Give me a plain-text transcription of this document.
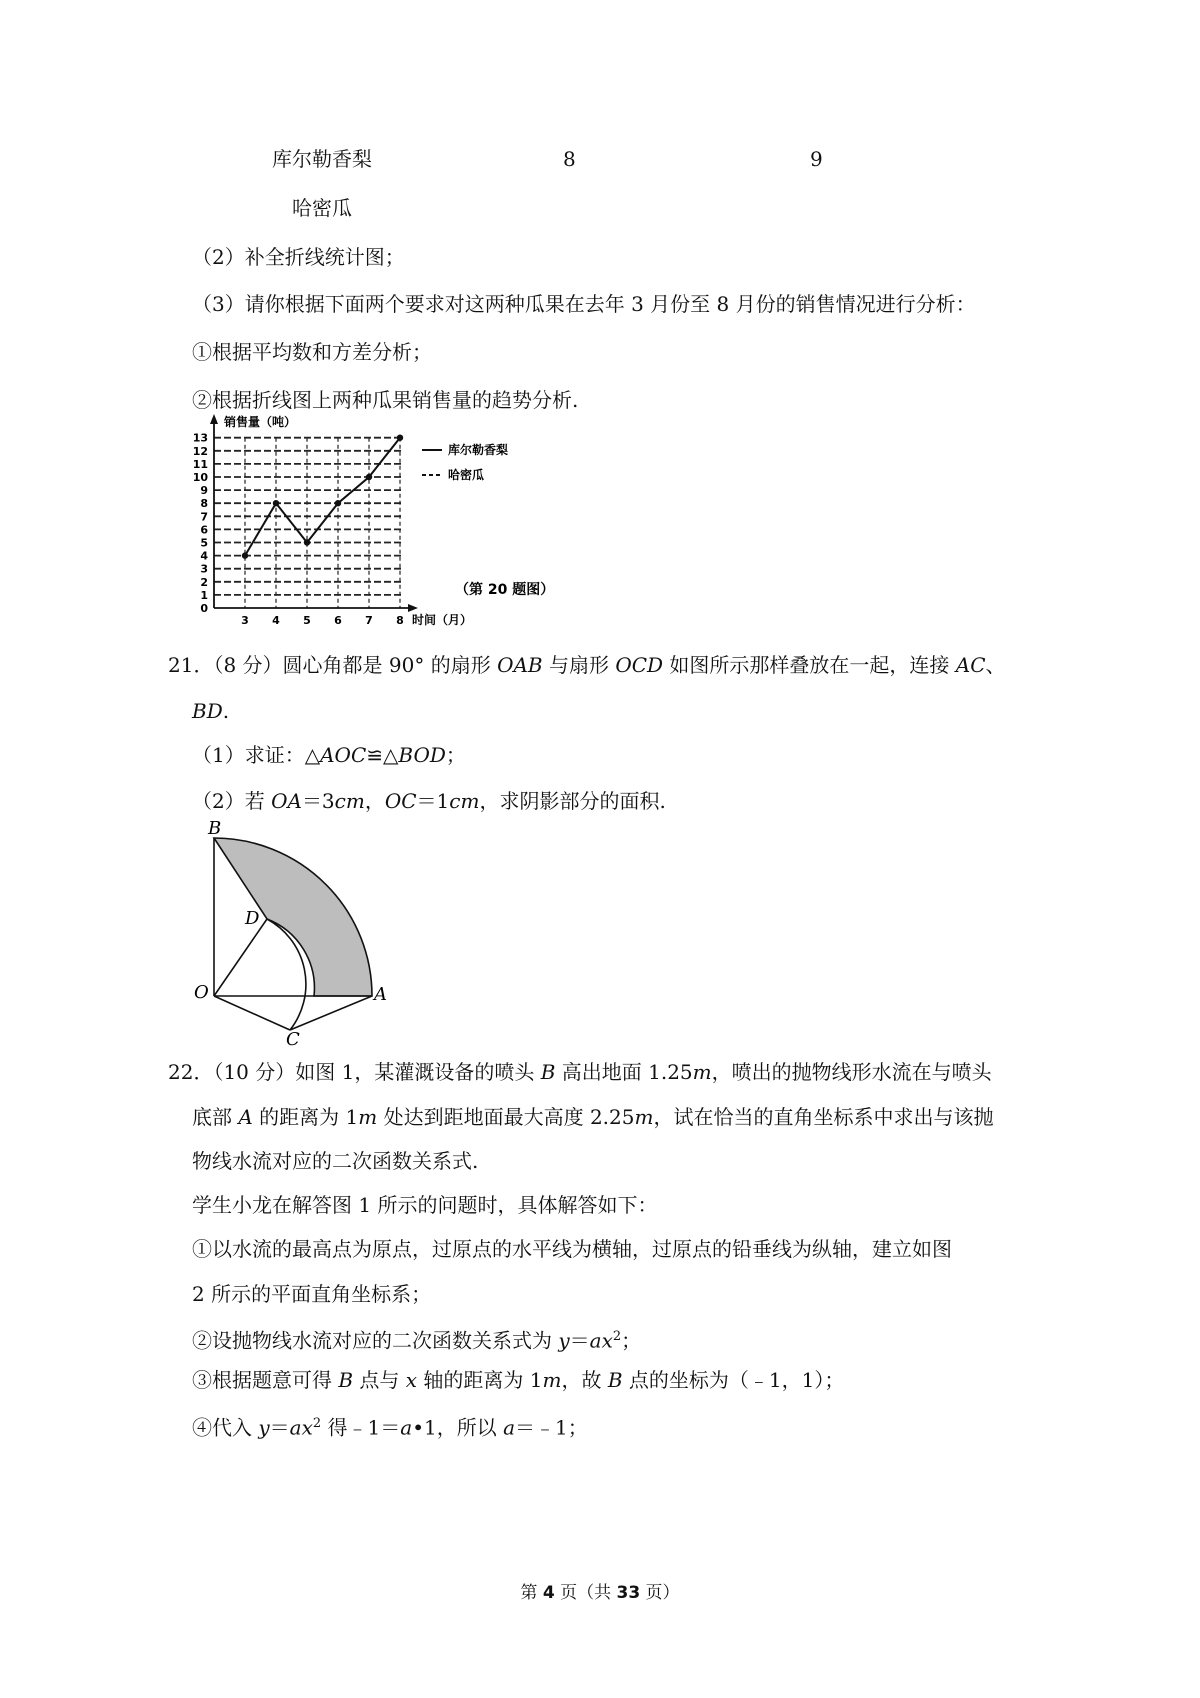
库尔勒香梨	8	9
哈密瓜
（2）补全折线统计图；
（3）请你根据下面两个要求对这两种瓜果在去年 3 月份至 8 月份的销售情况进行分析：
①根据平均数和方差分析；
②根据折线图上两种瓜果销售量的趋势分析.
0
1
2
3
4
5
6
7
8
9
10
11
12
13
3 4 5 6 7 8
销售量（吨）
时间（月）
库尔勒香梨
哈密瓜
（第 20 题图）
21．（8 分）圆心角都是 90° 的扇形 OAB 与扇形 OCD 如图所示那样叠放在一起，连接 AC、
BD.
（1）求证：△AOC≌△BOD；
（2）若 OA＝3cm，OC＝1cm，求阴影部分的面积.
B
D
O	A
C
22．（10 分）如图 1，某灌溉设备的喷头 B 高出地面 1.25m，喷出的抛物线形水流在与喷头
底部 A 的距离为 1m 处达到距地面最大高度 2.25m，试在恰当的直角坐标系中求出与该抛
物线水流对应的二次函数关系式.
学生小龙在解答图 1 所示的问题时，具体解答如下：
①以水流的最高点为原点，过原点的水平线为横轴，过原点的铅垂线为纵轴，建立如图
2 所示的平面直角坐标系；
②设抛物线水流对应的二次函数关系式为 $y=ax^2$；
③根据题意可得 B 点与 x 轴的距离为 1m，故 B 点的坐标为（﹣1，1）；
④代入 $y=ax^2$ 得﹣1＝a•1，所以 a＝﹣1；
第 4 页（共 33 页）
